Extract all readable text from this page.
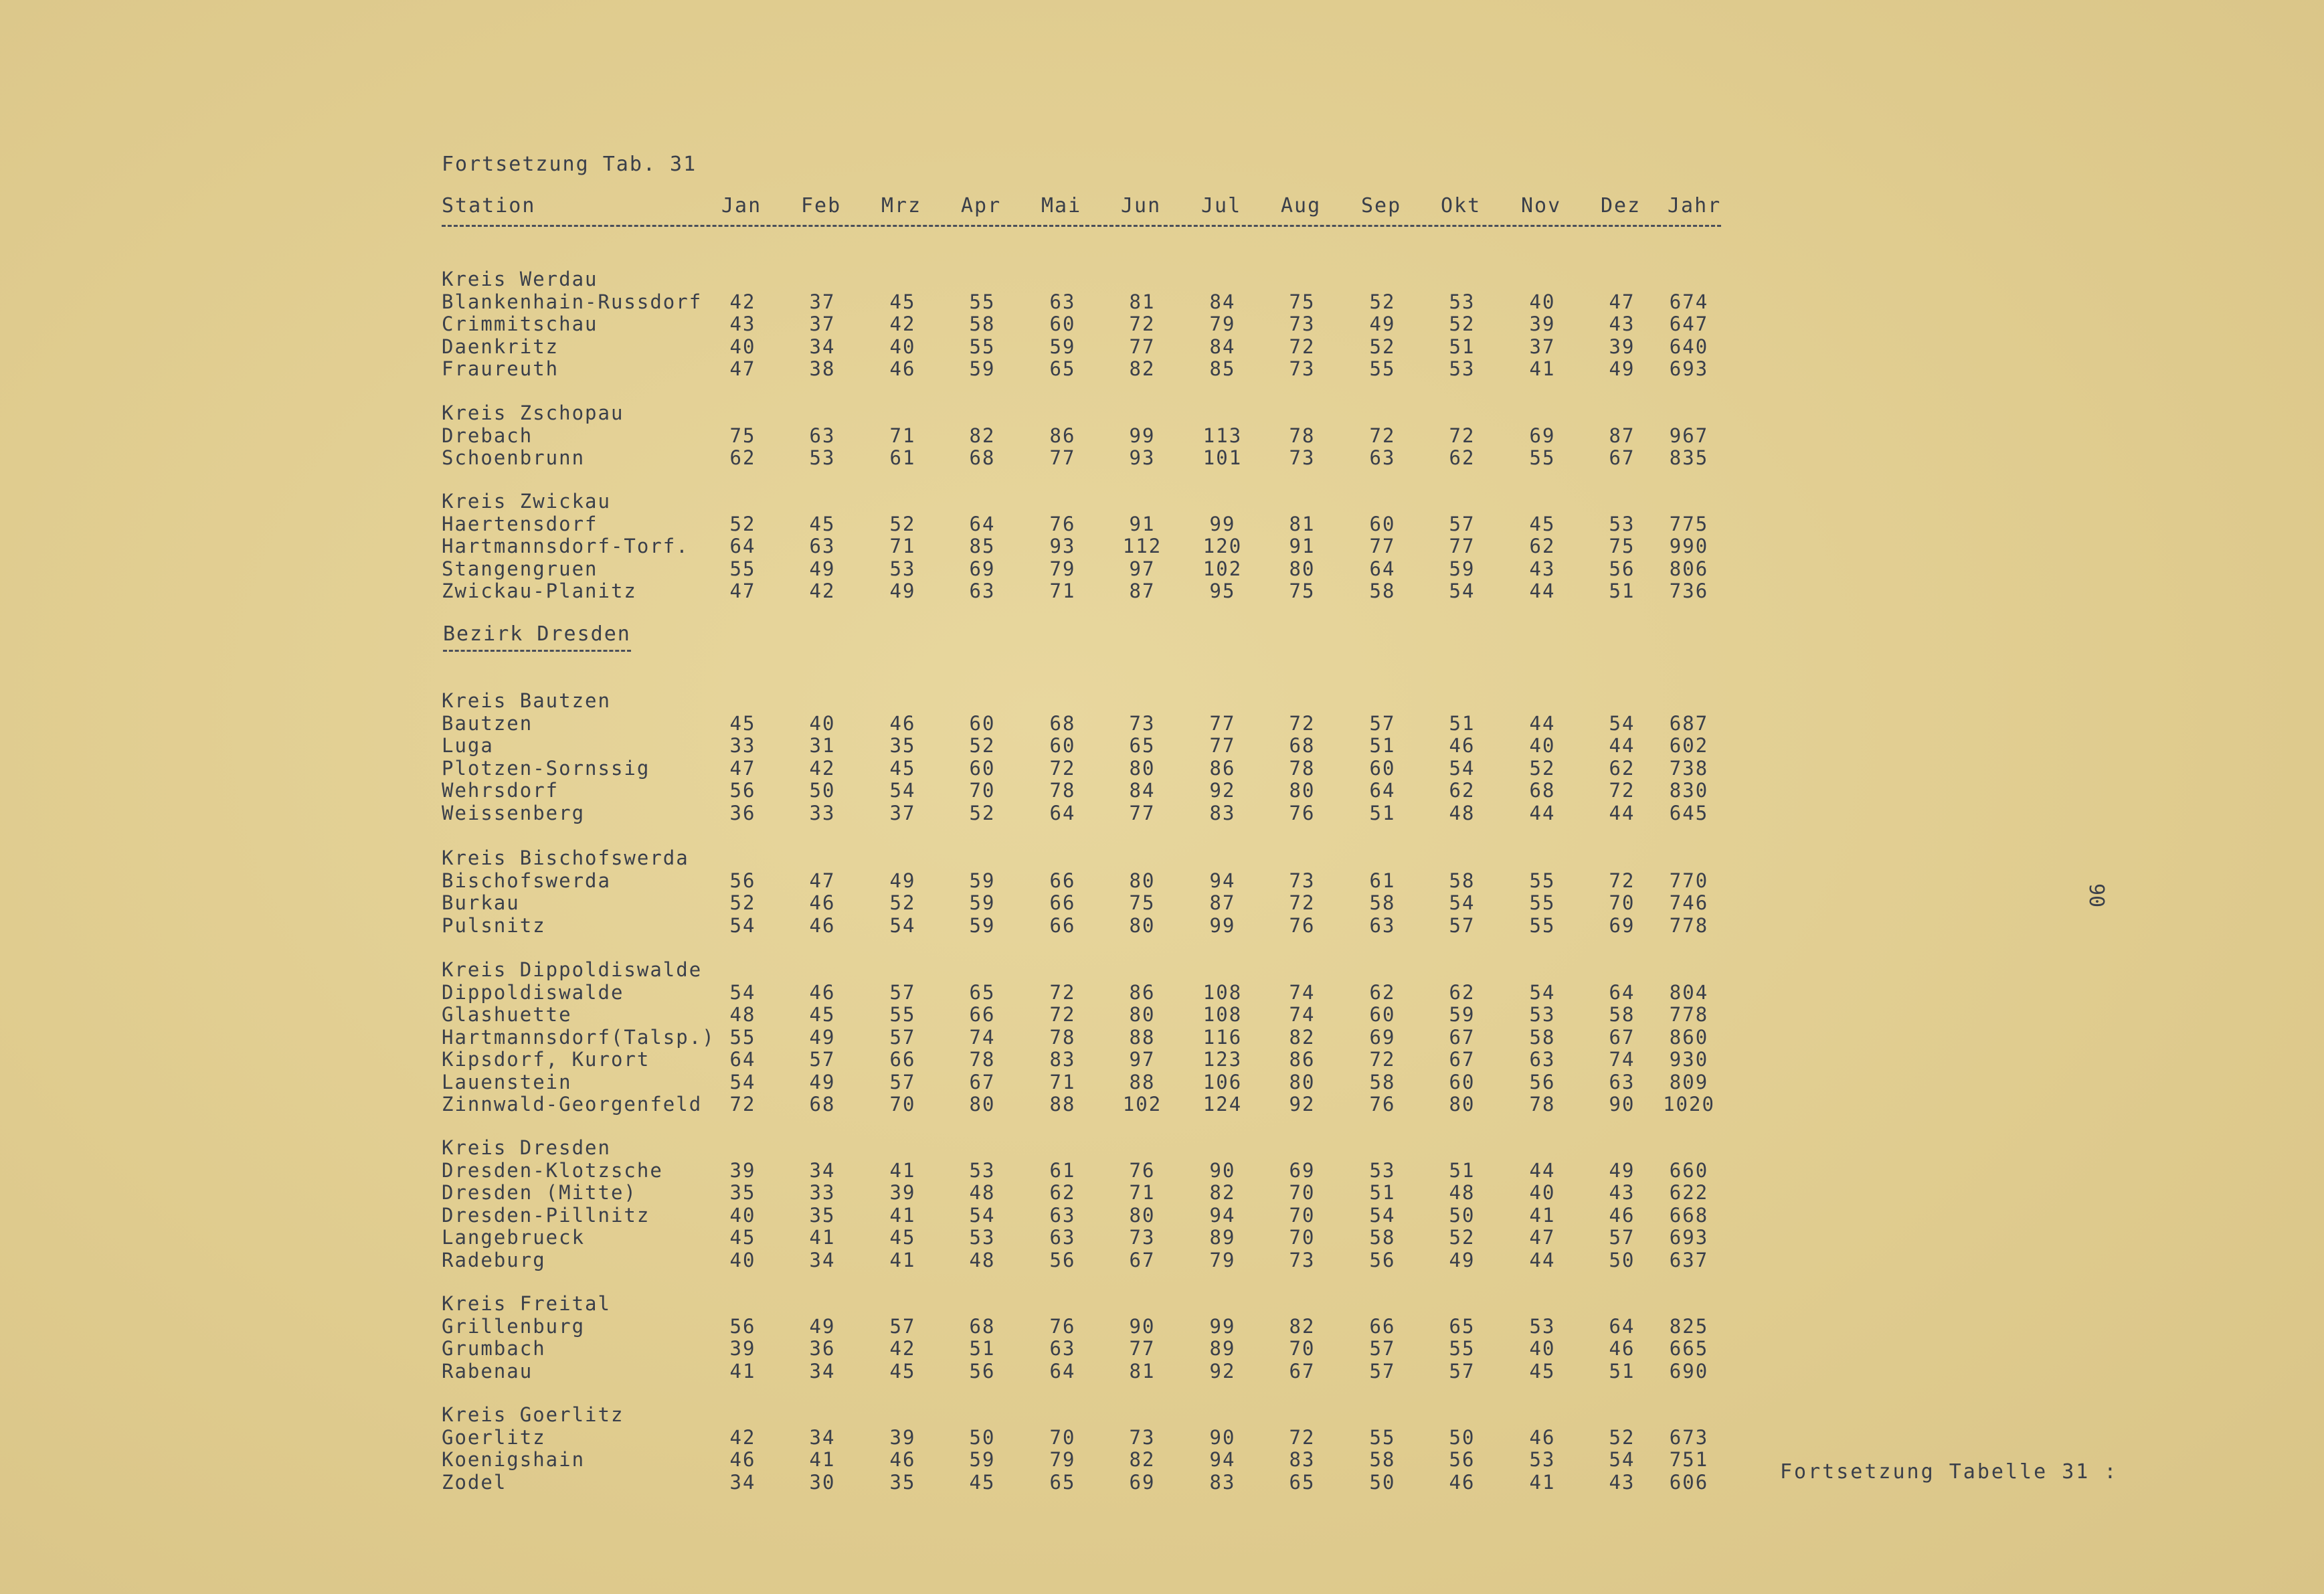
Fortsetzung Tab. 31
Station	Jan Feb Mrz Apr Mai Jun Jul Aug Sep Okt Nov Dez Jahr
Kreis Werdau
Blankenhain-Russdorf	42	37	45	55	63	81	84	75	52	53	40	47	674
Crimmitschau	43	37	42	58	60	72	79	73	49	52	39	43	647
Daenkritz	40	34	40	55	59	77	84	72	52	51	37	39	640
Fraureuth	47	38	46	59	65	82	85	73	55	53	41	49	693
Kreis Zschopau
Drebach	75	63	71	82	86	99	113	78	72	72	69	87	967
Schoenbrunn	62	53	61	68	77	93	101	73	63	62	55	67	835
Kreis Zwickau
Haertensdorf	52	45	52	64	76	91	99	81	60	57	45	53	775
Hartmannsdorf-Torf.	64	63	71	85	93	112	120	91	77	77	62	75	990
Stangengruen	55	49	53	69	79	97	102	80	64	59	43	56	806
Zwickau-Planitz	47	42	49	63	71	87	95	75	58	54	44	51	736
Bezirk Dresden
Kreis Bautzen
Bautzen	45	40	46	60	68	73	77	72	57	51	44	54	687
Luga	33	31	35	52	60	65	77	68	51	46	40	44	602
Plotzen-Sornssig	47	42	45	60	72	80	86	78	60	54	52	62	738
Wehrsdorf	56	50	54	70	78	84	92	80	64	62	68	72	830
Weissenberg	36	33	37	52	64	77	83	76	51	48	44	44	645
Kreis Bischofswerda
Bischofswerda	56	47	49	59	66	80	94	73	61	58	55	72	770
Burkau	52	46	52	59	66	75	87	72	58	54	55	70	746
Pulsnitz	54	46	54	59	66	80	99	76	63	57	55	69	778
Kreis Dippoldiswalde
Dippoldiswalde	54	46	57	65	72	86	108	74	62	62	54	64	804
Glashuette	48	45	55	66	72	80	108	74	60	59	53	58	778
Hartmannsdorf(Talsp.) 55	49	57	74	78	88	116	82	69	67	58	67	860
Kipsdorf, Kurort	64	57	66	78	83	97	123	86	72	67	63	74	930
Lauenstein	54	49	57	67	71	88	106	80	58	60	56	63	809
Zinnwald-Georgenfeld	72	68	70	80	88	102	124	92	76	80	78	90	1020
Kreis Dresden
Dresden-Klotzsche	39	34	41	53	61	76	90	69	53	51	44	49	660
Dresden (Mitte)	35	33	39	48	62	71	82	70	51	48	40	43	622
Dresden-Pillnitz	40	35	41	54	63	80	94	70	54	50	41	46	668
Langebrueck	45	41	45	53	63	73	89	70	58	52	47	57	693
Radeburg	40	34	41	48	56	67	79	73	56	49	44	50	637
Kreis Freital
Grillenburg	56	49	57	68	76	90	99	82	66	65	53	64	825
Grumbach	39	36	42	51	63	77	89	70	57	55	40	46	665
Rabenau	41	34	45	56	64	81	92	67	57	57	45	51	690
Kreis Goerlitz
Goerlitz	42	34	39	50	70	73	90	72	55	50	46	52	673
Koenigshain	46	41	46	59	79	82	94	83	58	56	53	54	751
Zodel	34	30	35	45	65	69	83	65	50	46	41	43	606	Fortsetzung Tabelle 31 :
90
